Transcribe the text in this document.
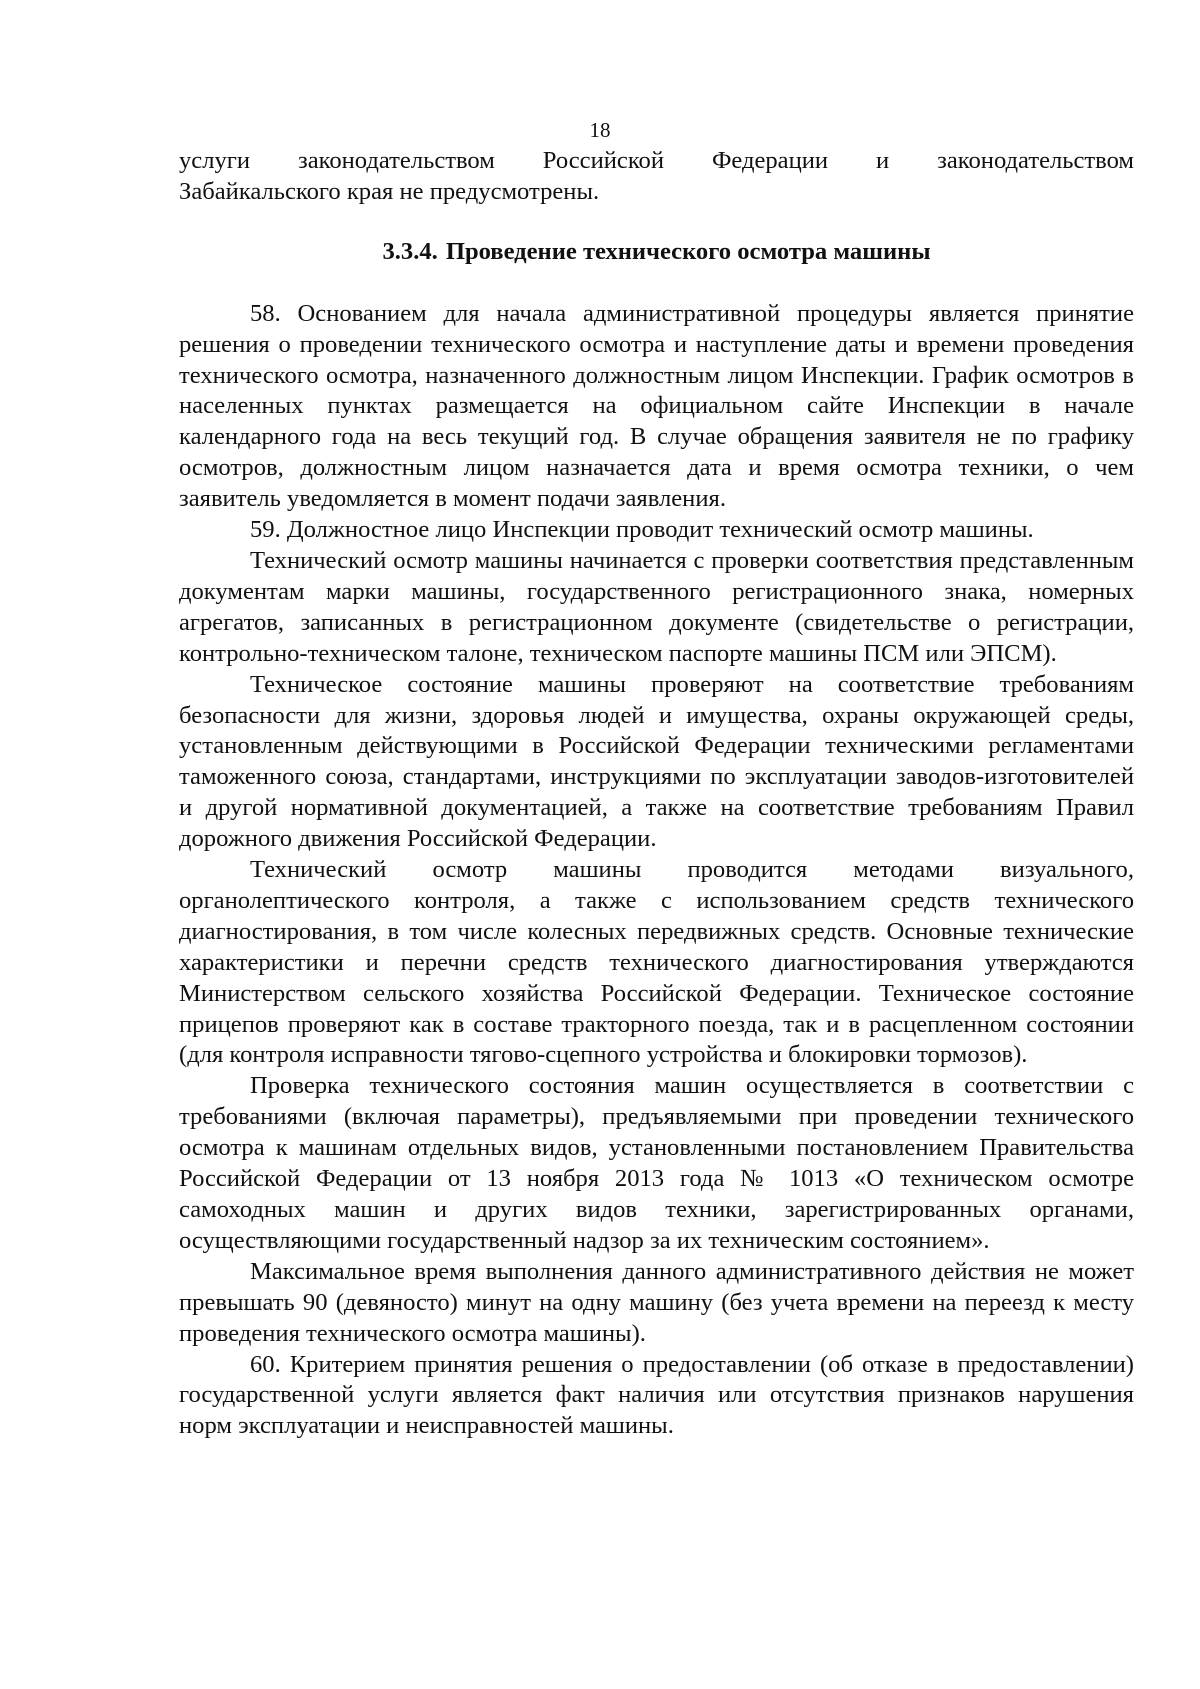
18

услуги законодательством Российской Федерации и законодательством

Забайкальского края не предусмотрены.

3.3.4. Проведение технического осмотра машины

58. Основанием для начала административной процедуры является принятие решения о проведении технического осмотра и наступление даты и времени проведения технического осмотра, назначенного должностным лицом Инспекции. График осмотров в населенных пунктах размещается на официальном сайте Инспекции в начале календарного года на весь текущий год. В случае обращения заявителя не по графику осмотров, должностным лицом назначается дата и время осмотра техники, о чем заявитель уведомляется в момент подачи заявления.

59. Должностное лицо Инспекции проводит технический осмотр машины.

Технический осмотр машины начинается с проверки соответствия представленным документам марки машины, государственного регистрационного знака, номерных агрегатов, записанных в регистрационном документе (свидетельстве о регистрации, контрольно-техническом талоне, техническом паспорте машины ПСМ или ЭПСМ).

Техническое состояние машины проверяют на соответствие требованиям безопасности для жизни, здоровья людей и имущества, охраны окружающей среды, установленным действующими в Российской Федерации техническими регламентами таможенного союза, стандартами, инструкциями по эксплуатации заводов-изготовителей и другой нормативной документацией, а также на соответствие требованиям Правил дорожного движения Российской Федерации.

Технический осмотр машины проводится методами визуального, органолептического контроля, а также с использованием средств технического диагностирования, в том числе колесных передвижных средств. Основные технические характеристики и перечни средств технического диагностирования утверждаются Министерством сельского хозяйства Российской Федерации. Техническое состояние прицепов проверяют как в составе тракторного поезда, так и в расцепленном состоянии (для контроля исправности тягово-сцепного устройства и блокировки тормозов).

Проверка технического состояния машин осуществляется в соответствии с требованиями (включая параметры), предъявляемыми при проведении технического осмотра к машинам отдельных видов, установленными постановлением Правительства Российской Федерации от 13 ноября 2013 года № 1013 «О техническом осмотре самоходных машин и других видов техники, зарегистрированных органами, осуществляющими государственный надзор за их техническим состоянием».

Максимальное время выполнения данного административного действия не может превышать 90 (девяносто) минут на одну машину (без учета времени на переезд к месту проведения технического осмотра машины).

60. Критерием принятия решения о предоставлении (об отказе в предоставлении) государственной услуги является факт наличия или отсутствия признаков нарушения норм эксплуатации и неисправностей машины.
